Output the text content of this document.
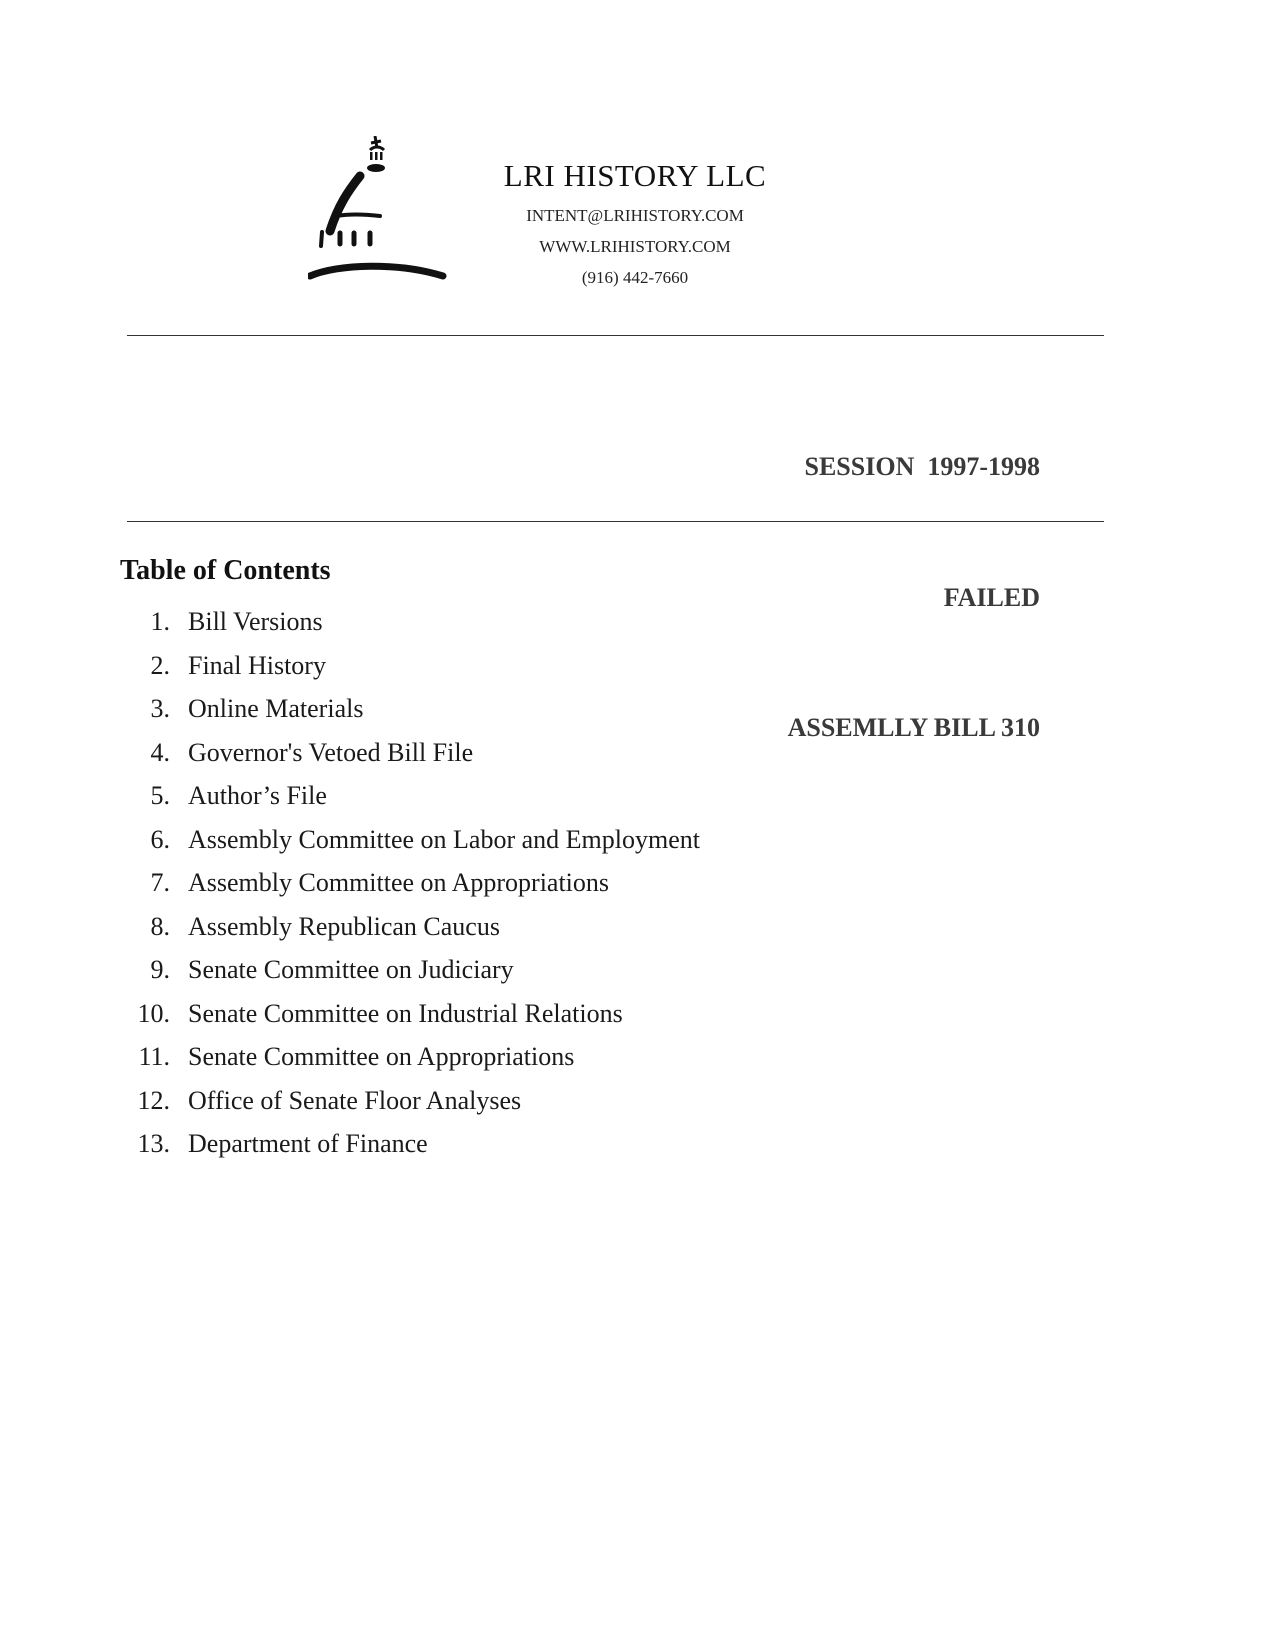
LRI HISTORY LLC
INTENT@LRIHISTORY.COM
WWW.LRIHISTORY.COM
(916) 442-7660

SESSION  1997-1998

FAILED

ASSEMLLY BILL 310

Table of Contents
1. Bill Versions
2. Final History
3. Online Materials
4. Governor's Vetoed Bill File
5. Author’s File
6. Assembly Committee on Labor and Employment
7. Assembly Committee on Appropriations
8. Assembly Republican Caucus
9. Senate Committee on Judiciary
10. Senate Committee on Industrial Relations
11. Senate Committee on Appropriations
12. Office of Senate Floor Analyses
13. Department of Finance
